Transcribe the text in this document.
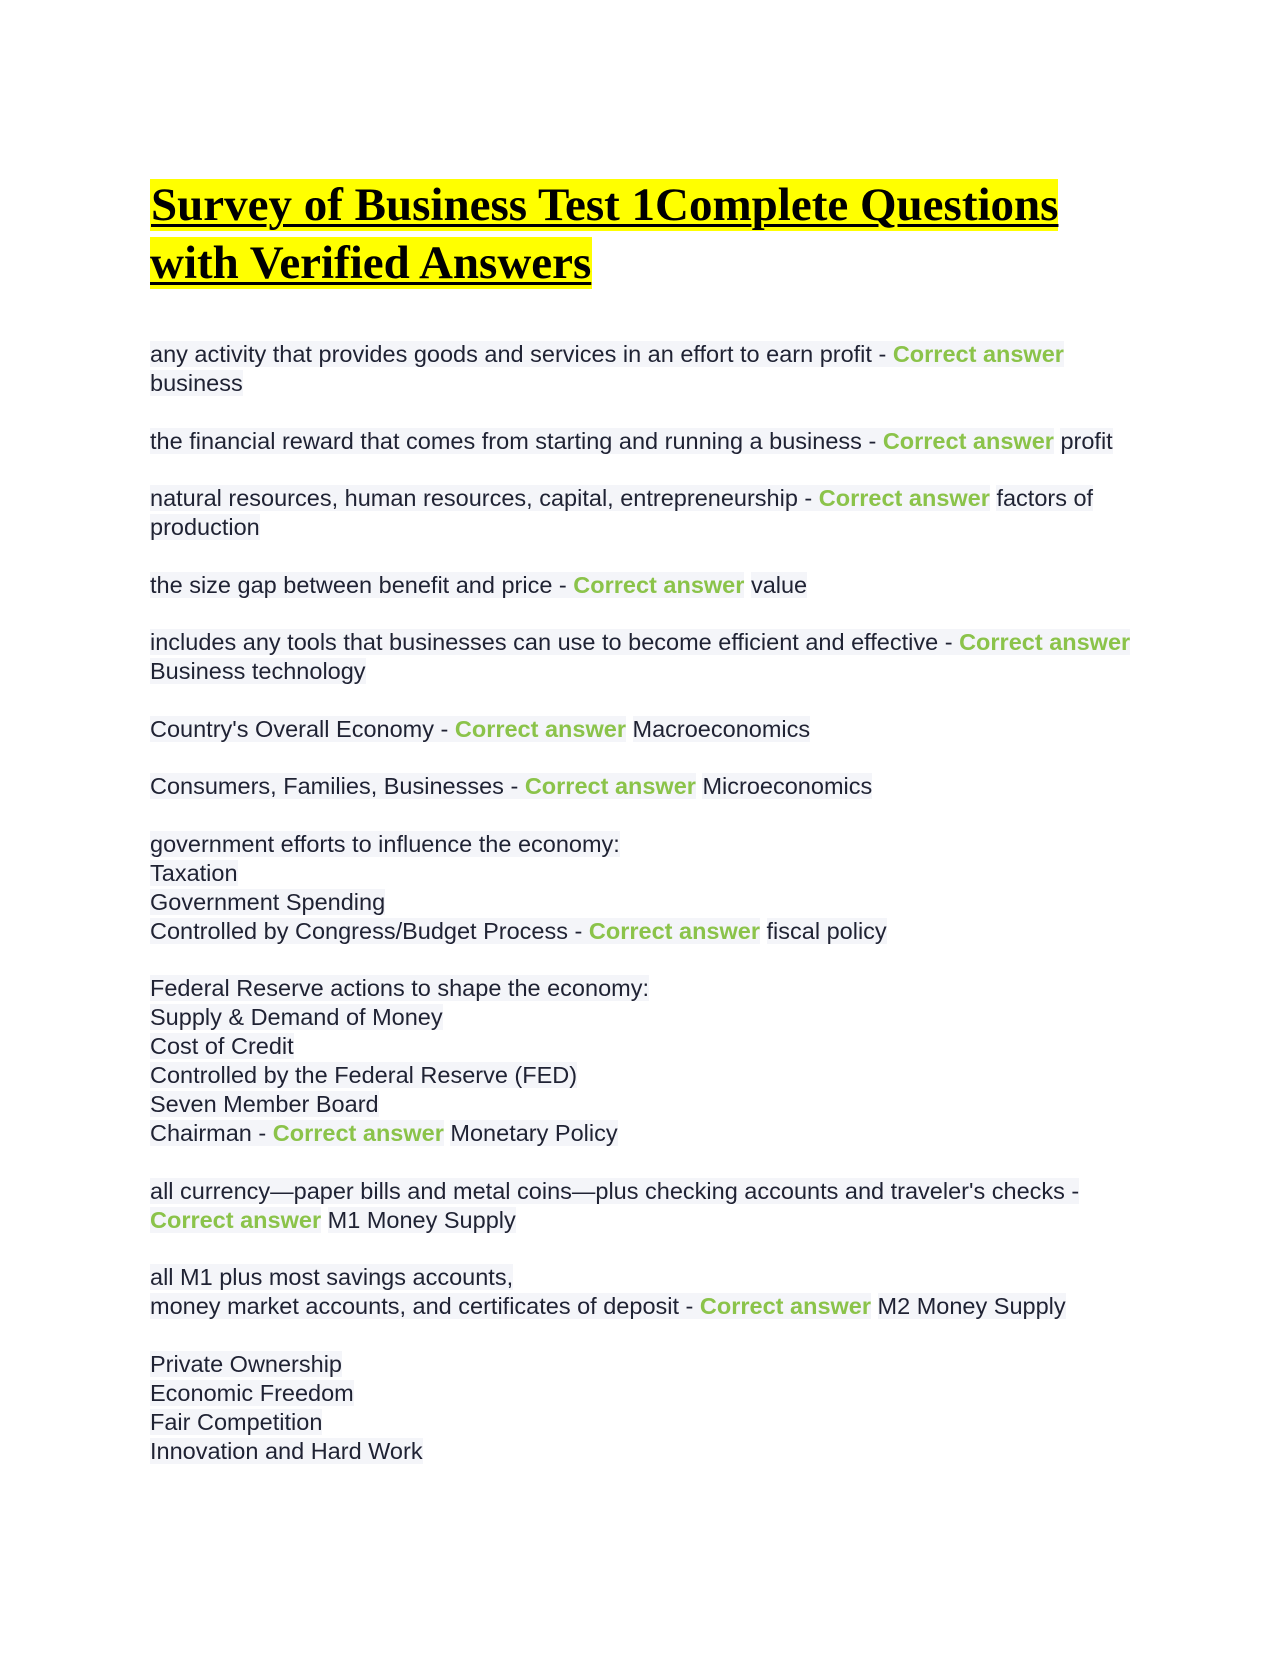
Survey of Business Test 1Complete Questions with Verified Answers

any activity that provides goods and services in an effort to earn profit - Correct answer business

the financial reward that comes from starting and running a business - Correct answer profit

natural resources, human resources, capital, entrepreneurship - Correct answer factors of production

the size gap between benefit and price - Correct answer value

includes any tools that businesses can use to become efficient and effective - Correct answer Business technology

Country's Overall Economy - Correct answer Macroeconomics

Consumers, Families, Businesses - Correct answer Microeconomics

government efforts to influence the economy:
Taxation
Government Spending
Controlled by Congress/Budget Process - Correct answer fiscal policy

Federal Reserve actions to shape the economy:
Supply & Demand of Money
Cost of Credit
Controlled by the Federal Reserve (FED)
Seven Member Board
Chairman - Correct answer Monetary Policy

all currency—paper bills and metal coins—plus checking accounts and traveler's checks - Correct answer M1 Money Supply

all M1 plus most savings accounts,
money market accounts, and certificates of deposit - Correct answer M2 Money Supply

Private Ownership
Economic Freedom
Fair Competition
Innovation and Hard Work
